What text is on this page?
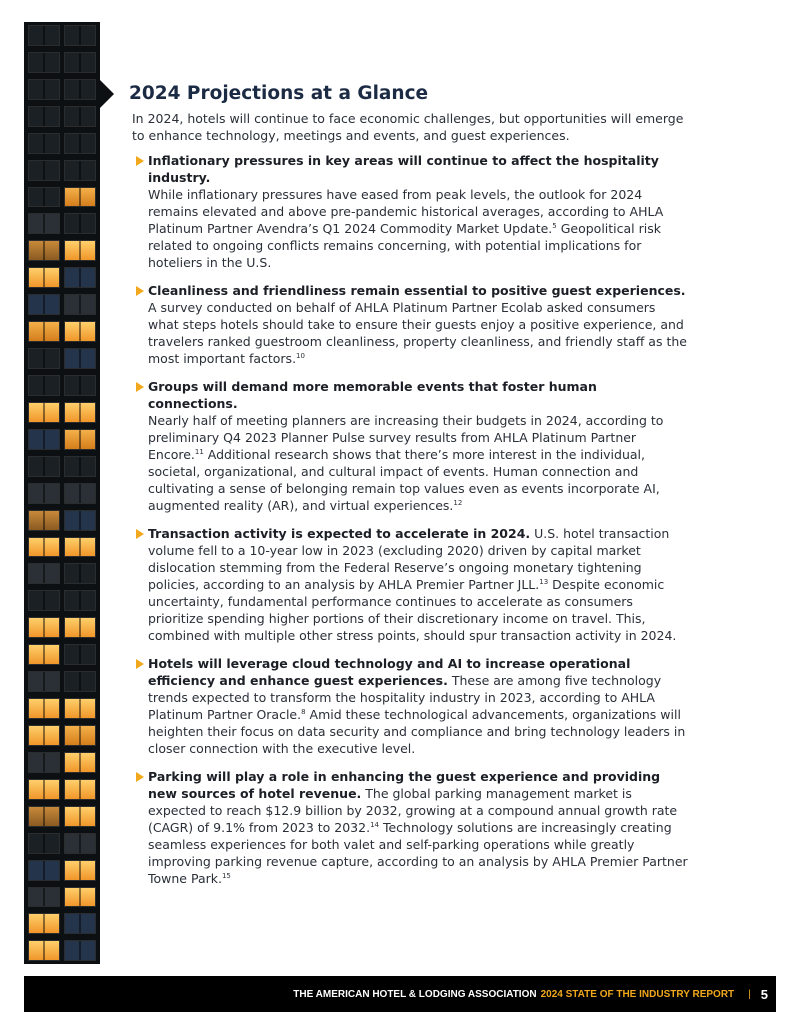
2024 Projections at a Glance

In 2024, hotels will continue to face economic challenges, but opportunities will emerge to enhance technology, meetings and events, and guest experiences.

Inflationary pressures in key areas will continue to affect the hospitality industry.
While inflationary pressures have eased from peak levels, the outlook for 2024 remains elevated and above pre-pandemic historical averages, according to AHLA Platinum Partner Avendra’s Q1 2024 Commodity Market Update.$^5$ Geopolitical risk related to ongoing conflicts remains concerning, with potential implications for hoteliers in the U.S.
Cleanliness and friendliness remain essential to positive guest experiences.
A survey conducted on behalf of AHLA Platinum Partner Ecolab asked consumers what steps hotels should take to ensure their guests enjoy a positive experience, and travelers ranked guestroom cleanliness, property cleanliness, and friendly staff as the most important factors.$^{10}$
Groups will demand more memorable events that foster human connections.
Nearly half of meeting planners are increasing their budgets in 2024, according to preliminary Q4 2023 Planner Pulse survey results from AHLA Platinum Partner Encore.$^{11}$ Additional research shows that there’s more interest in the individual, societal, organizational, and cultural impact of events. Human connection and cultivating a sense of belonging remain top values even as events incorporate AI, augmented reality (AR), and virtual experiences.$^{12}$
Transaction activity is expected to accelerate in 2024. U.S. hotel transaction volume fell to a 10-year low in 2023 (excluding 2020) driven by capital market dislocation stemming from the Federal Reserve’s ongoing monetary tightening policies, according to an analysis by AHLA Premier Partner JLL.$^{13}$ Despite economic uncertainty, fundamental performance continues to accelerate as consumers prioritize spending higher portions of their discretionary income on travel. This, combined with multiple other stress points, should spur transaction activity in 2024.
Hotels will leverage cloud technology and AI to increase operational efficiency and enhance guest experiences. These are among five technology trends expected to transform the hospitality industry in 2023, according to AHLA Platinum Partner Oracle.$^8$ Amid these technological advancements, organizations will heighten their focus on data security and compliance and bring technology leaders in closer connection with the executive level.
Parking will play a role in enhancing the guest experience and providing new sources of hotel revenue. The global parking management market is expected to reach $12.9 billion by 2032, growing at a compound annual growth rate (CAGR) of 9.1% from 2023 to 2032.14 Technology solutions are increasingly creating seamless experiences for both valet and self-parking operations while greatly improving parking revenue capture, according to an analysis by AHLA Premier Partner Towne Park.$^{15}$
THE AMERICAN HOTEL & LODGING ASSOCIATION 2024 STATE OF THE INDUSTRY REPORT | 5
